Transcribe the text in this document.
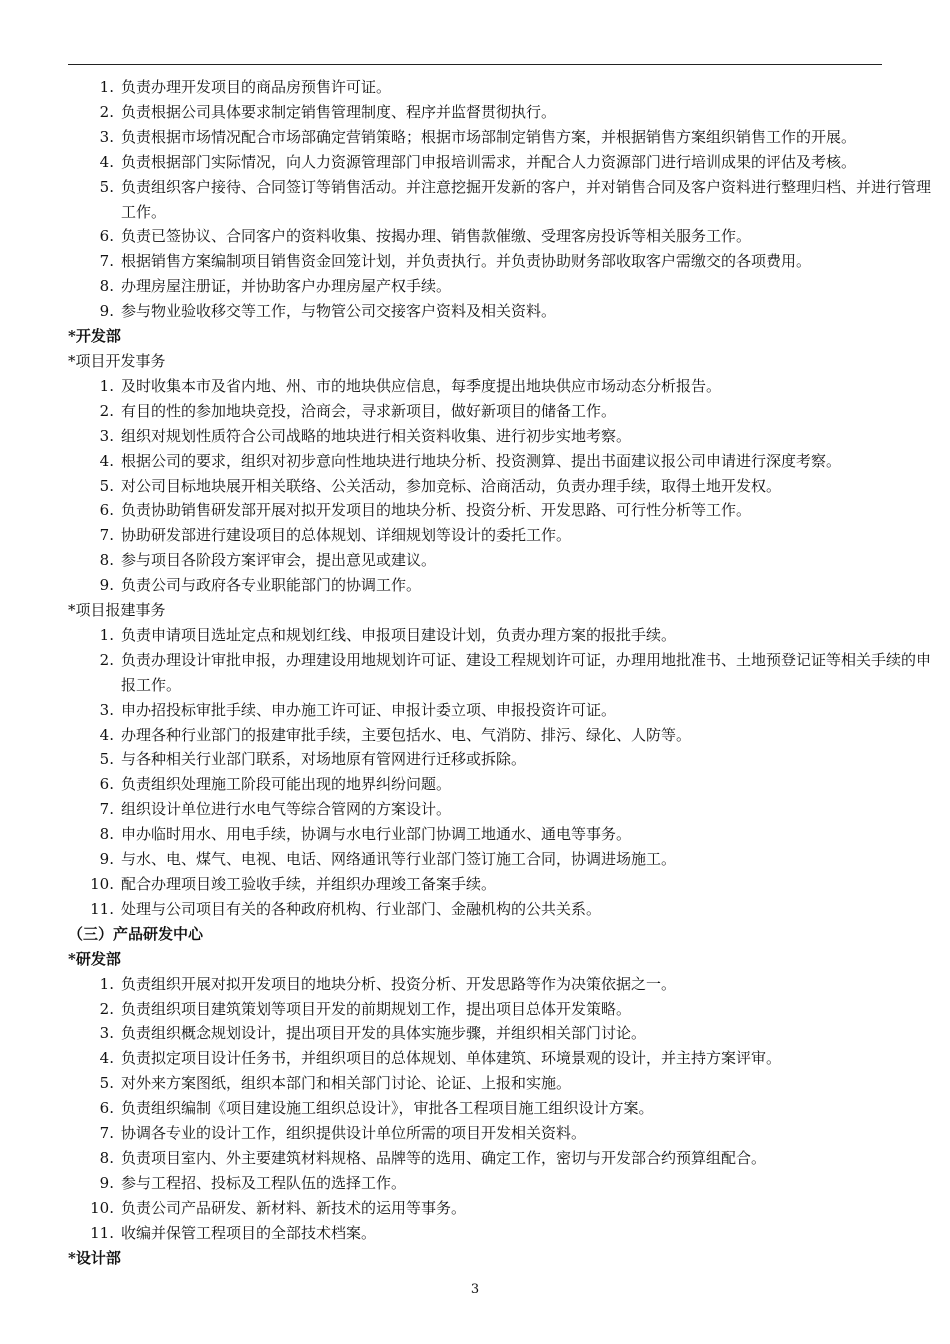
1 . 负责办理开发项目的商品房预售许可证。
2 . 负责根据公司具体要求制定销售管理制度、程序并监督贯彻执行。
3 . 负责根据市场情况配合市场部确定营销策略；根据市场部制定销售方案，并根据销售方案组织销售工作的开展。
4 . 负责根据部门实际情况，向人力资源管理部门申报培训需求，并配合人力资源部门进行培训成果的评估及考核。
5 . 负责组织客户接待、合同签订等销售活动。并注意挖掘开发新的客户，并对销售合同及客户资料进行整理归档、并进行管理工作。
6 . 负责已签协议、合同客户的资料收集、按揭办理、销售款催缴、受理客房投诉等相关服务工作。
7 . 根据销售方案编制项目销售资金回笼计划，并负责执行。并负责协助财务部收取客户需缴交的各项费用。
8 . 办理房屋注册证，并协助客户办理房屋产权手续。
9 . 参与物业验收移交等工作，与物管公司交接客户资料及相关资料。
*开发部
*项目开发事务
1 . 及时收集本市及省内地、州、市的地块供应信息，每季度提出地块供应市场动态分析报告。
2 . 有目的性的参加地块竞投，洽商会，寻求新项目，做好新项目的储备工作。
3 . 组织对规划性质符合公司战略的地块进行相关资料收集、进行初步实地考察。
4 . 根据公司的要求，组织对初步意向性地块进行地块分析、投资测算、提出书面建议报公司申请进行深度考察。
5 . 对公司目标地块展开相关联络、公关活动，参加竞标、洽商活动，负责办理手续，取得土地开发权。
6 . 负责协助销售研发部开展对拟开发项目的地块分析、投资分析、开发思路、可行性分析等工作。
7 . 协助研发部进行建设项目的总体规划、详细规划等设计的委托工作。
8 . 参与项目各阶段方案评审会，提出意见或建议。
9 . 负责公司与政府各专业职能部门的协调工作。
*项目报建事务
1 . 负责申请项目选址定点和规划红线、申报项目建设计划，负责办理方案的报批手续。
2 . 负责办理设计审批申报，办理建设用地规划许可证、建设工程规划许可证，办理用地批准书、土地预登记证等相关手续的申报工作。
3 . 申办招投标审批手续、申办施工许可证、申报计委立项、申报投资许可证。
4 . 办理各种行业部门的报建审批手续，主要包括水、电、气消防、排污、绿化、人防等。
5 . 与各种相关行业部门联系，对场地原有管网进行迁移或拆除。
6 . 负责组织处理施工阶段可能出现的地界纠纷问题。
7 . 组织设计单位进行水电气等综合管网的方案设计。
8 . 申办临时用水、用电手续，协调与水电行业部门协调工地通水、通电等事务。
9 . 与水、电、煤气、电视、电话、网络通讯等行业部门签订施工合同，协调进场施工。
10 . 配合办理项目竣工验收手续，并组织办理竣工备案手续。
11 . 处理与公司项目有关的各种政府机构、行业部门、金融机构的公共关系。
（三）产品研发中心
*研发部
1 . 负责组织开展对拟开发项目的地块分析、投资分析、开发思路等作为决策依据之一。
2 . 负责组织项目建筑策划等项目开发的前期规划工作，提出项目总体开发策略。
3 . 负责组织概念规划设计，提出项目开发的具体实施步骤，并组织相关部门讨论。
4 . 负责拟定项目设计任务书，并组织项目的总体规划、单体建筑、环境景观的设计，并主持方案评审。
5 . 对外来方案图纸，组织本部门和相关部门讨论、论证、上报和实施。
6 . 负责组织编制《项目建设施工组织总设计》，审批各工程项目施工组织设计方案。
7 . 协调各专业的设计工作，组织提供设计单位所需的项目开发相关资料。
8 . 负责项目室内、外主要建筑材料规格、品牌等的选用、确定工作，密切与开发部合约预算组配合。
9 . 参与工程招、投标及工程队伍的选择工作。
10 . 负责公司产品研发、新材料、新技术的运用等事务。
11 . 收编并保管工程项目的全部技术档案。
*设计部
3
